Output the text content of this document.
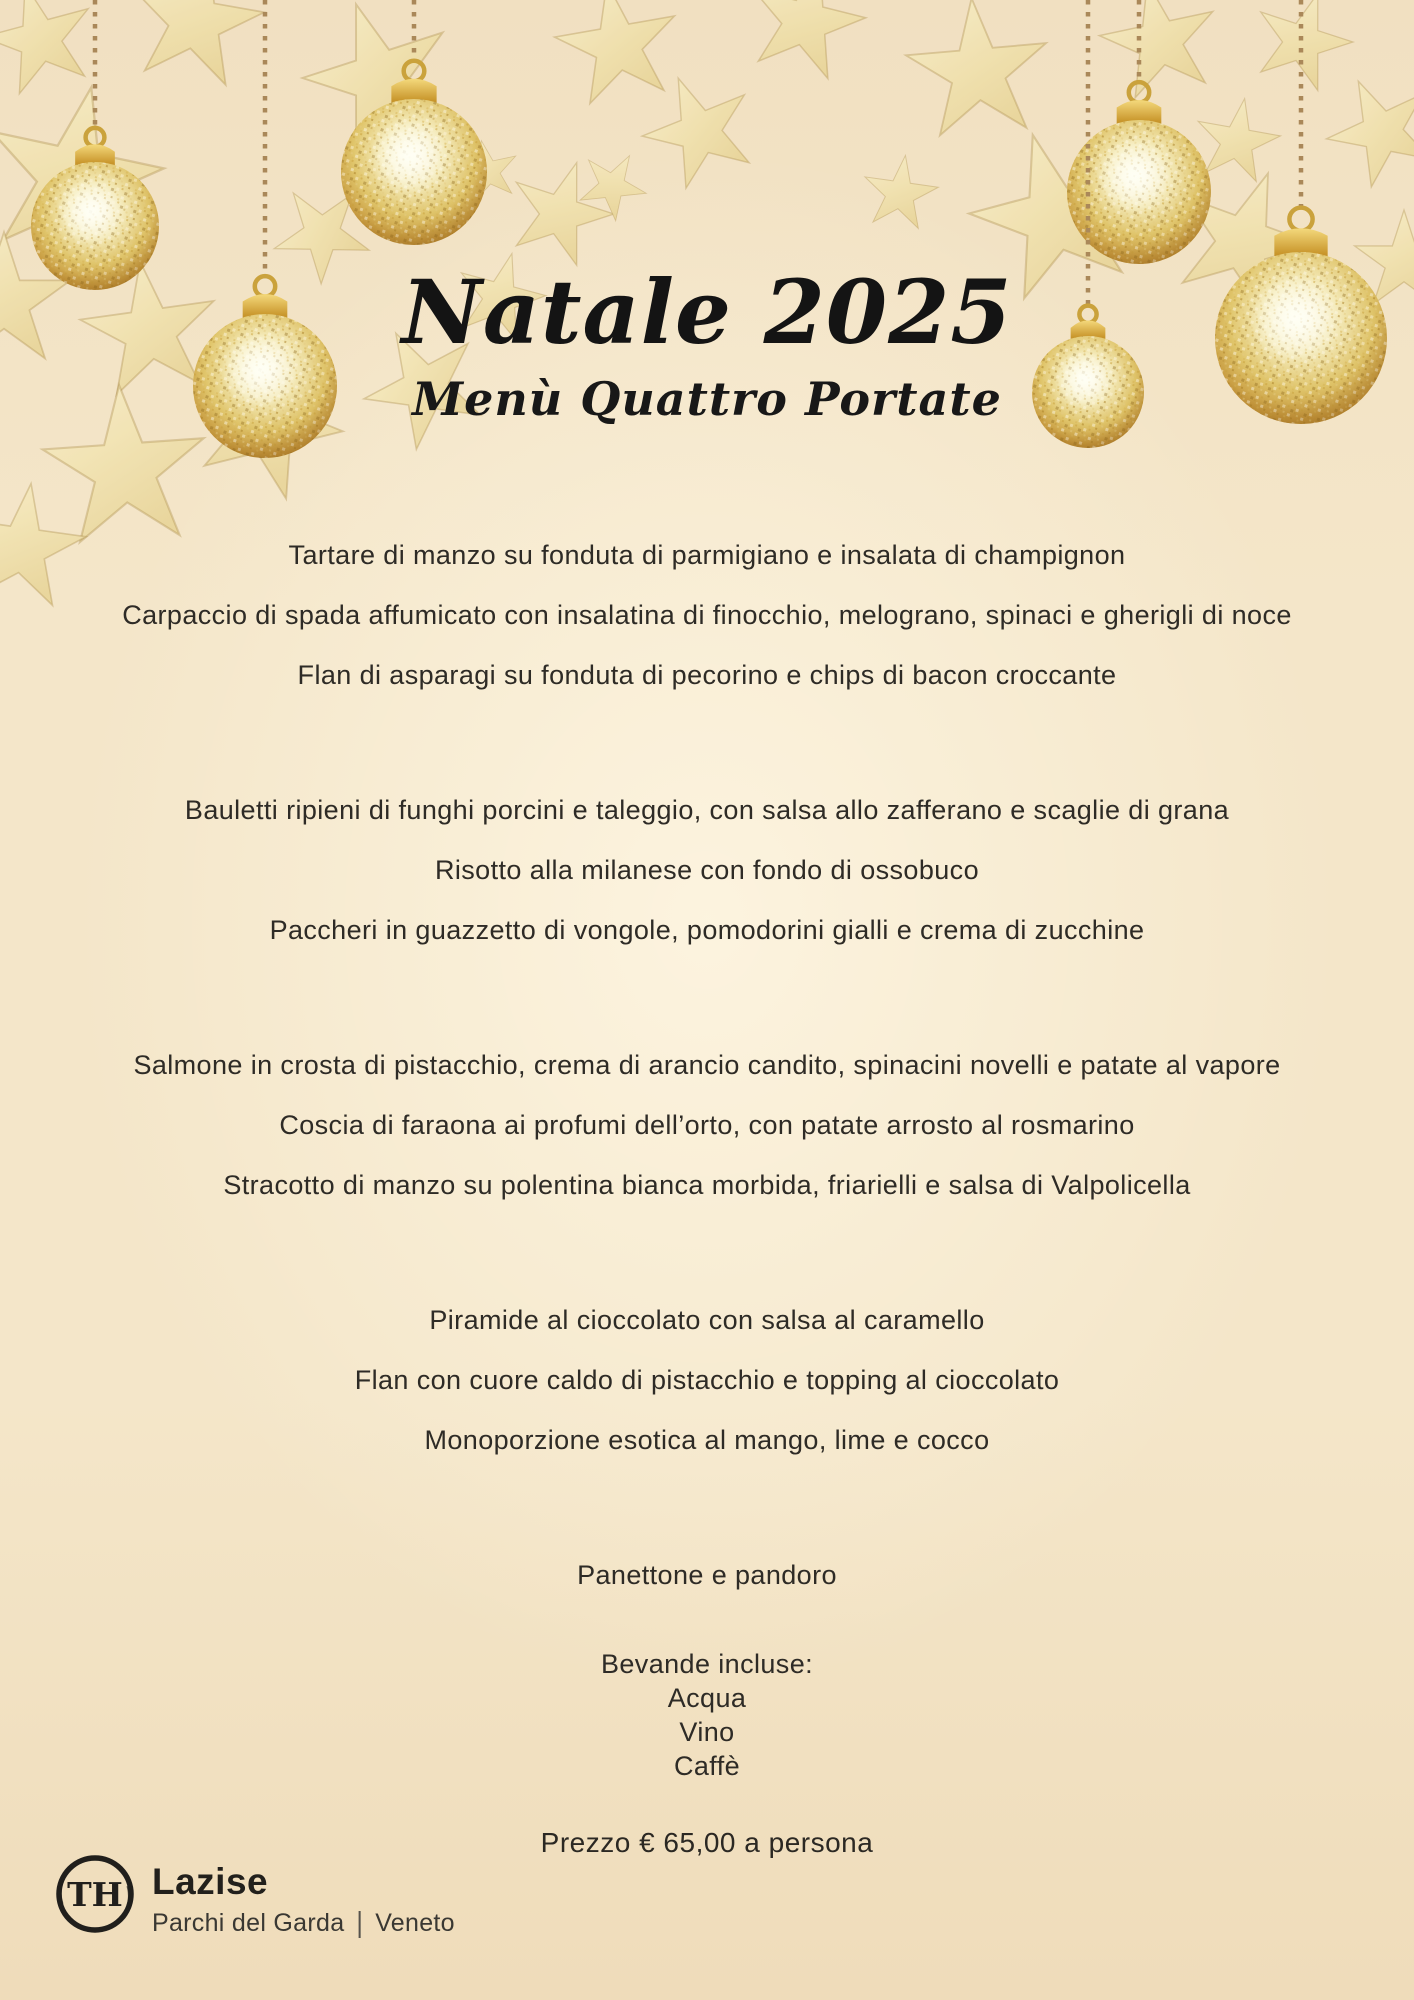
Natale 2025
Menù Quattro Portate
Tartare di manzo su fonduta di parmigiano e insalata di champignon
Carpaccio di spada affumicato con insalatina di finocchio, melograno, spinaci e gherigli di noce
Flan di asparagi su fonduta di pecorino e chips di bacon croccante
Bauletti ripieni di funghi porcini e taleggio, con salsa allo zafferano e scaglie di grana
Risotto alla milanese con fondo di ossobuco
Paccheri in guazzetto di vongole, pomodorini gialli e crema di zucchine
Salmone in crosta di pistacchio, crema di arancio candito, spinacini novelli e patate al vapore
Coscia di faraona ai profumi dell’orto, con patate arrosto al rosmarino
Stracotto di manzo su polentina bianca morbida, friarielli e salsa di Valpolicella
Piramide al cioccolato con salsa al caramello
Flan con cuore caldo di pistacchio e topping al cioccolato
Monoporzione esotica al mango, lime e cocco
Panettone e pandoro
Bevande incluse:
Acqua
Vino
Caffè
Prezzo € 65,00 a persona
TH Lazise
Parchi del Garda | Veneto
